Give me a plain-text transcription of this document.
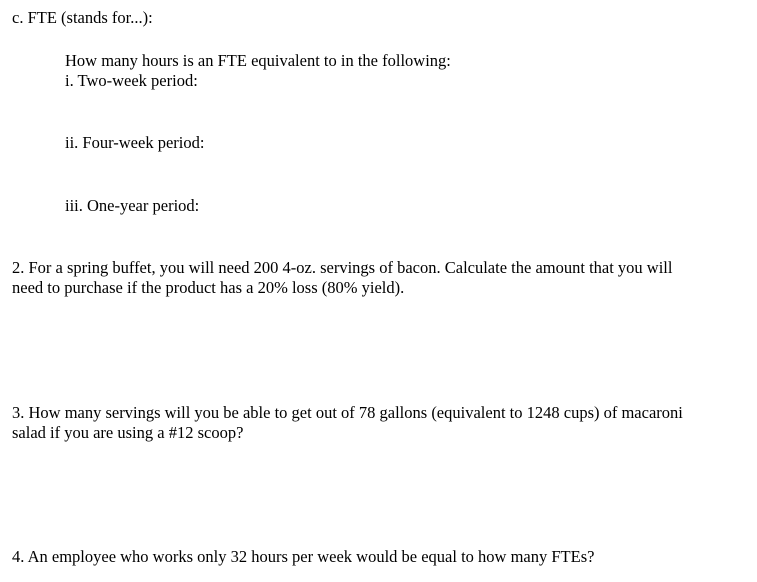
c. FTE (stands for...):

How many hours is an FTE equivalent to in the following:

i. Two-week period:

ii. Four-week period:

iii. One-year period:

2. For a spring buffet, you will need 200 4-oz. servings of bacon. Calculate the amount that you will

need to purchase if the product has a 20% loss (80% yield).

3. How many servings will you be able to get out of 78 gallons (equivalent to 1248 cups) of macaroni

salad if you are using a #12 scoop?

4. An employee who works only 32 hours per week would be equal to how many FTEs?
